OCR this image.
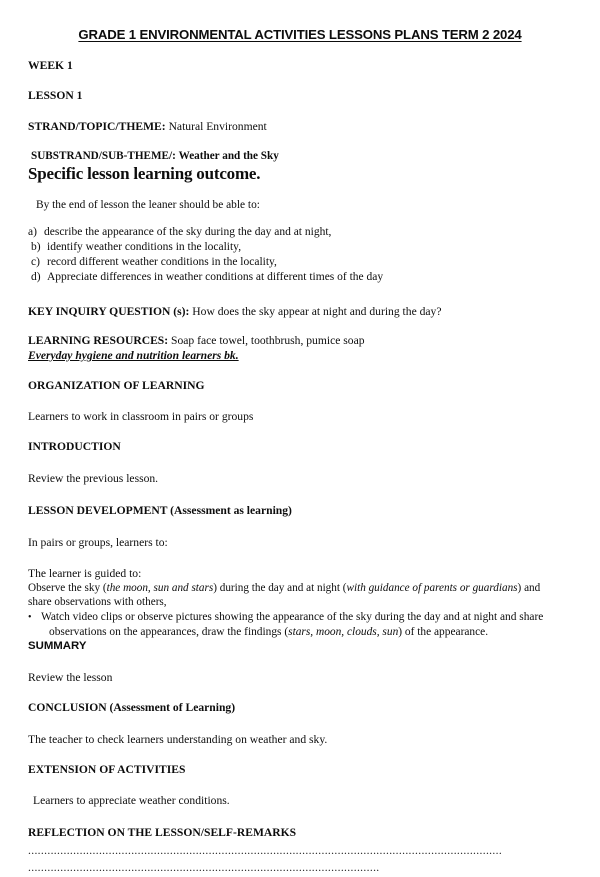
GRADE 1 ENVIRONMENTAL ACTIVITIES LESSONS PLANS TERM 2 2024
WEEK 1
LESSON 1
STRAND/TOPIC/THEME: Natural Environment
SUBSTRAND/SUB-THEME/: Weather and the Sky
Specific lesson learning outcome.
By the end of lesson the leaner should be able to:
a) describe the appearance of the sky during the day and at night,
b) identify weather conditions in the locality,
c) record different weather conditions in the locality,
d) Appreciate differences in weather conditions at different times of the day
KEY INQUIRY QUESTION (s): How does the sky appear at night and during the day?
LEARNING RESOURCES: Soap face towel, toothbrush, pumice soap
Everyday hygiene and nutrition learners bk.
ORGANIZATION OF LEARNING
Learners to work in classroom in pairs or groups
INTRODUCTION
Review the previous lesson.
LESSON DEVELOPMENT (Assessment as learning)
In pairs or groups, learners to:
The learner is guided to:
Observe the sky (the moon, sun and stars) during the day and at night (with guidance of parents or guardians) and
share observations with others,
• Watch video clips or observe pictures showing the appearance of the sky during the day and at night and share
observations on the appearances, draw the findings (stars, moon, clouds, sun) of the appearance.
SUMMARY
Review the lesson
CONCLUSION (Assessment of Learning)
The teacher to check learners understanding on weather and sky.
EXTENSION OF ACTIVITIES
Learners to appreciate weather conditions.
REFLECTION ON THE LESSON/SELF-REMARKS
...................................................................................................................................................
.............................................................................................................
